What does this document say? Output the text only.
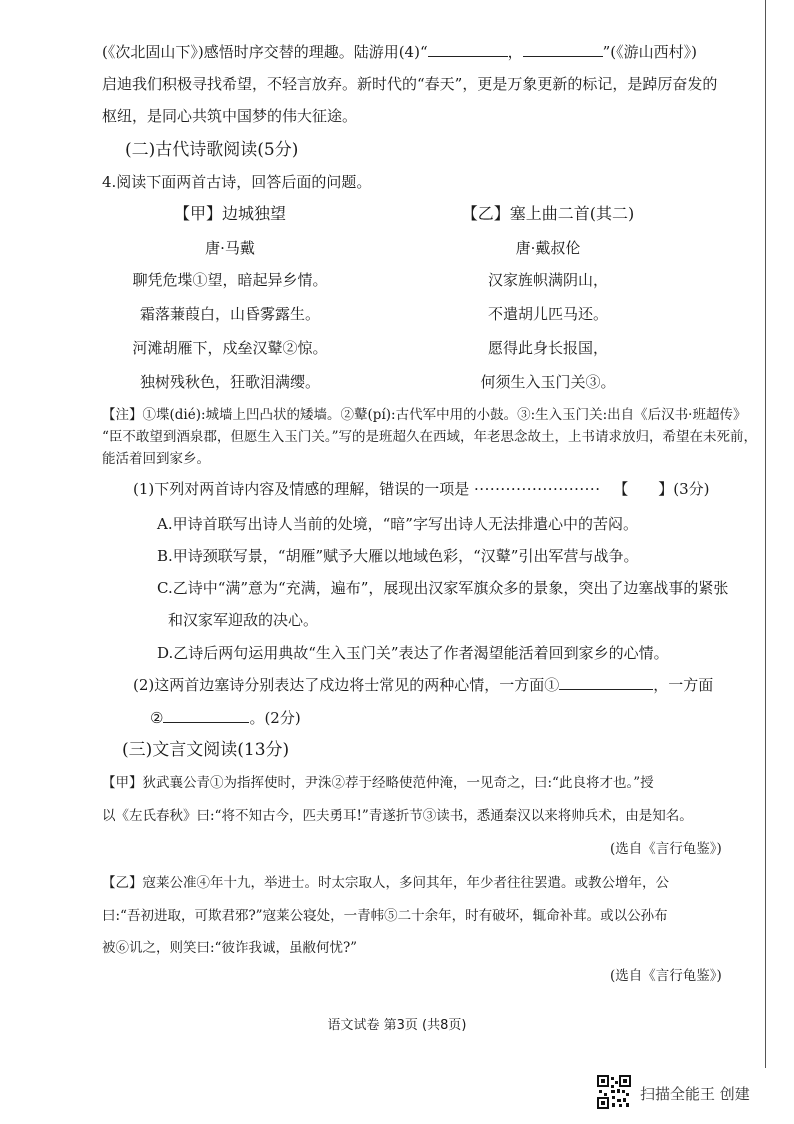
(《次北固山下》)感悟时序交替的理趣。陆游用(4)“	，	”(《游山西村》)
启迪我们积极寻找希望，不轻言放弃。新时代的“春天”，更是万象更新的标记，是踔厉奋发的
枢纽，是同心共筑中国梦的伟大征途。
(二)古代诗歌阅读(5分)
4.阅读下面两首古诗，回答后面的问题。
【甲】边城独望
唐·马戴
聊凭危堞①望，暗起异乡情。
霜落蒹葭白，山昏雾露生。
河滩胡雁下，戍垒汉鼙②惊。
独树残秋色，狂歌泪满缨。
【乙】塞上曲二首(其二)
唐·戴叔伦
汉家旌帜满阴山，
不遣胡儿匹马还。
愿得此身长报国，
何须生入玉门关③。
【注】①堞(dié):城墙上凹凸状的矮墙。②鼙(pí):古代军中用的小鼓。③:生入玉门关:出自《后汉书·班超传》
“臣不敢望到酒泉郡，但愿生入玉门关。”写的是班超久在西域，年老思念故土，上书请求放归，希望在未死前，
能活着回到家乡。
(1)下列对两首诗内容及情感的理解，错误的一项是 ························ 【 】(3分)
A.甲诗首联写出诗人当前的处境，“暗”字写出诗人无法排遣心中的苦闷。
B.甲诗颈联写景，“胡雁”赋予大雁以地域色彩，“汉鼙”引出军营与战争。
C.乙诗中“满”意为“充满，遍布”，展现出汉家军旗众多的景象，突出了边塞战事的紧张
和汉家军迎敌的决心。
D.乙诗后两句运用典故“生入玉门关”表达了作者渴望能活着回到家乡的心情。
(2)这两首边塞诗分别表达了戍边将士常见的两种心情，一方面①	，一方面
②	。(2分)
(三)文言文阅读(13分)
【甲】狄武襄公青①为指挥使时，尹洙②荐于经略使范仲淹，一见奇之，曰:“此良将才也。”授
以《左氏春秋》曰:“将不知古今，匹夫勇耳!”青遂折节③读书，悉通秦汉以来将帅兵术，由是知名。
(选自《言行龟鉴》)
【乙】寇莱公准④年十九，举进士。时太宗取人，多问其年，年少者往往罢遣。或教公增年，公
曰:“吾初进取，可欺君邪?”寇莱公寝处，一青帏⑤二十余年，时有破坏，辄命补茸。或以公孙布
被⑥讥之，则笑曰:“彼诈我诚，虽敝何忧?”
(选自《言行龟鉴》)
语文试卷 第3页 (共8页)
扫描全能王 创建
